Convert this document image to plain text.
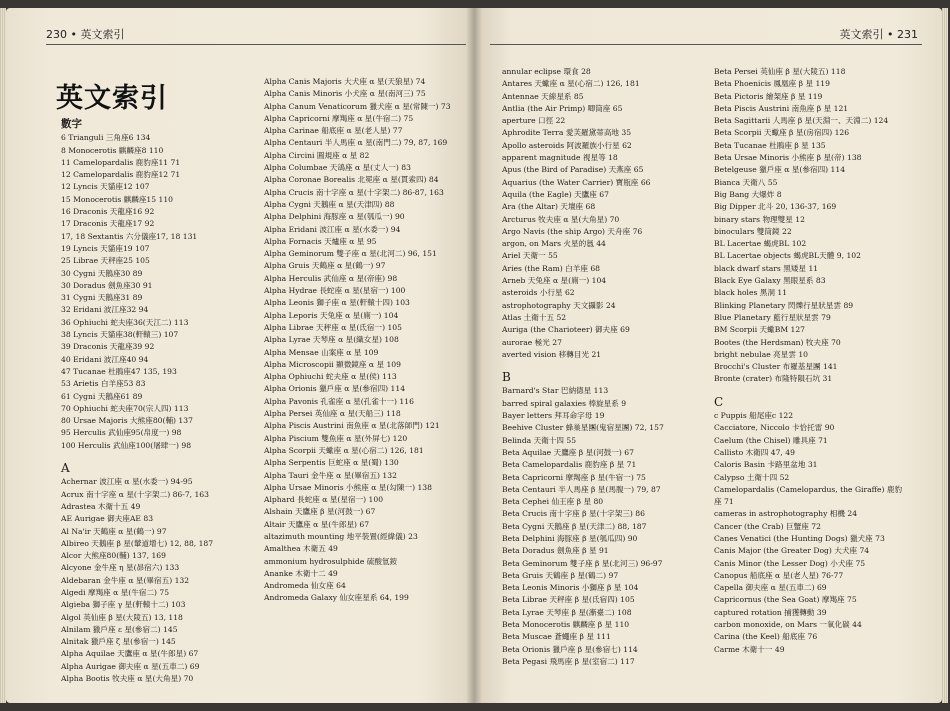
230 • 英文索引
英文索引
數字
6 Trianguli 三角座6 134
8 Monocerotis 麒麟座8 110
11 Camelopardalis 鹿豹座11 71
12 Camelopardalis 鹿豹座12 71
12 Lyncis 天貓座12 107
15 Monocerotis 麒麟座15 110
16 Draconis 天龍座16 92
17 Draconis 天龍座17 92
17, 18 Sextantis 六分儀座17, 18 131
19 Lyncis 天貓座19 107
25 Librae 天秤座25 105
30 Cygni 天鵝座30 89
30 Doradus 劍魚座30 91
31 Cygni 天鵝座31 89
32 Eridani 波江座32 94
36 Ophiuchi 蛇夫座36(天江二) 113
38 Lyncis 天貓座38(軒轅三) 107
39 Draconis 天龍座39 92
40 Eridani 波江座40 94
47 Tucanae 杜鵑座47 135, 193
53 Arietis 白羊座53 83
61 Cygni 天鵝座61 89
70 Ophiuchi 蛇夫座70(宗人四) 113
80 Ursae Majoris 大熊座80(輔) 137
95 Herculis 武仙座95(帛度一) 98
100 Herculis 武仙座100(屠肆一) 98
A
Achernar 波江座 α 星(水委一) 94-95
Acrux 南十字座 α 星(十字架二) 86-7, 163
Adrastea 木衛十五 49
AE Aurigae 御夫座AE 83
Al Na'ir 天鶴座 α 星(鶴一) 97
Albireo 天鵝座 β 星(輦道增七) 12, 88, 187
Alcor 大熊座80(輔) 137, 169
Alcyone 金牛座 η 星(昴宿六) 133
Aldebaran 金牛座 α 星(畢宿五) 132
Algedi 摩羯座 α 星(牛宿二) 75
Algieba 獅子座 γ 星(軒轅十二) 103
Algol 英仙座 β 星(大陵五) 13, 118
Alnilam 獵戶座 ε 星(參宿二) 145
Alnitak 獵戶座 ζ 星(參宿一) 145
Alpha Aquilae 天鷹座 α 星(牛郎星) 67
Alpha Aurigae 御夫座 α 星(五車二) 69
Alpha Bootis 牧夫座 α 星(大角星) 70
Alpha Canis Majoris 大犬座 α 星(天狼星) 74
Alpha Canis Minoris 小犬座 α 星(南河三) 75
Alpha Canum Venaticorum 獵犬座 α 星(常陳一) 73
Alpha Capricorni 摩羯座 α 星(牛宿二) 75
Alpha Carinae 船底座 α 星(老人星) 77
Alpha Centauri 半人馬座 α 星(南門二) 79, 87, 169
Alpha Circini 圓規座 α 星 82
Alpha Columbae 天鴿座 α 星(丈人一) 83
Alpha Coronae Borealis 北冕座 α 星(貫索四) 84
Alpha Crucis 南十字座 α 星(十字架二) 86-87, 163
Alpha Cygni 天鵝座 α 星(天津四) 88
Alpha Delphini 海豚座 α 星(瓠瓜一) 90
Alpha Eridani 波江座 α 星(水委一) 94
Alpha Fornacis 天爐座 α 星 95
Alpha Geminorum 雙子座 α 星(北河二) 96, 151
Alpha Gruis 天鶴座 α 星(鶴一) 97
Alpha Herculis 武仙座 α 星(帝座) 98
Alpha Hydrae 長蛇座 α 星(星宿一) 100
Alpha Leonis 獅子座 α 星(軒轅十四) 103
Alpha Leporis 天兔座 α 星(廁一) 104
Alpha Librae 天秤座 α 星(氐宿一) 105
Alpha Lyrae 天琴座 α 星(織女星) 108
Alpha Mensae 山案座 α 星 109
Alpha Microscopii 顯微鏡座 α 星 109
Alpha Ophiuchi 蛇夫座 α 星(侯) 113
Alpha Orionis 獵戶座 α 星(參宿四) 114
Alpha Pavonis 孔雀座 α 星(孔雀十一) 116
Alpha Persei 英仙座 α 星(天船三) 118
Alpha Piscis Austrini 南魚座 α 星(北落師門) 121
Alpha Piscium 雙魚座 α 星(外屏七) 120
Alpha Scorpii 天蠍座 α 星(心宿二) 126, 181
Alpha Serpentis 巨蛇座 α 星(蜀) 130
Alpha Tauri 金牛座 α 星(畢宿五) 132
Alpha Ursae Minoris 小熊座 α 星(勾陳一) 138
Alphard 長蛇座 α 星(星宿一) 100
Alshain 天鷹座 β 星(河鼓一) 67
Altair 天鷹座 α 星(牛郎星) 67
altazimuth mounting 地平裝置(經緯儀) 23
Amalthea 木衛五 49
ammonium hydrosulphide 硫酸氫銨
Ananke 木衛十二 49
Andromeda 仙女座 64
Andromeda Galaxy 仙女座星系 64, 199
英文索引 • 231
annular eclipse 環食 28
Antares 天蠍座 α 星(心宿二) 126, 181
Antennae 天線星系 85
Antlia (the Air Primp) 唧筒座 65
aperture 口徑 22
Aphrodite Terra 愛芙羅黛蒂高地 35
Apollo asteroids 阿波羅族小行星 62
apparent magnitude 視星等 18
Apus (the Bird of Paradise) 天燕座 65
Aquarius (the Water Carrier) 寶瓶座 66
Aquila (the Eagle) 天鷹座 67
Ara (the Altar) 天壇座 68
Arcturus 牧夫座 α 星(大角星) 70
Argo Navis (the ship Argo) 天舟座 76
argon, on Mars 火星的氬 44
Ariel 天衛一 55
Aries (the Ram) 白羊座 68
Arneb 天兔座 α 星(廁一) 104
asteroids 小行星 62
astrophotography 天文攝影 24
Atlas 土衛十五 52
Auriga (the Charioteer) 御夫座 69
aurorae 極光 27
averted vision 移轉目光 21
B
Barnard's Star 巴納德星 113
barred spiral galaxies 棒旋星系 9
Bayer letters 拜耳命字母 19
Beehive Cluster 蜂巢星團(鬼宿星團) 72, 157
Belinda 天衛十四 55
Beta Aquilae 天鷹座 β 星(河鼓一) 67
Beta Camelopardalis 鹿豹座 β 星 71
Beta Capricorni 摩羯座 β 星(牛宿一) 75
Beta Centauri 半人馬座 β 星(馬腹一) 79, 87
Beta Cephei 仙王座 β 星 80
Beta Crucis 南十字座 β 星(十字架三) 86
Beta Cygni 天鵝座 β 星(天津二) 88, 187
Beta Delphini 海豚座 β 星(瓠瓜四) 90
Beta Doradus 劍魚座 β 星 91
Beta Geminorum 雙子座 β 星(北河三) 96-97
Beta Gruis 天鶴座 β 星(鶴二) 97
Beta Leonis Minoris 小獅座 β 星 104
Beta Librae 天秤座 β 星(氐宿四) 105
Beta Lyrae 天琴座 β 星(漸臺二) 108
Beta Monocerotis 麒麟座 β 星 110
Beta Muscae 蒼蠅座 β 星 111
Beta Orionis 獵戶座 β 星(參宿七) 114
Beta Pegasi 飛馬座 β 星(室宿二) 117
Beta Persei 英仙座 β 星(大陵五) 118
Beta Phoenicis 鳳凰座 β 星 119
Beta Pictoris 繪架座 β 星 119
Beta Piscis Austrini 南魚座 β 星 121
Beta Sagittarii 人馬座 β 星(天淵一、天淵二) 124
Beta Scorpii 天蠍座 β 星(房宿四) 126
Beta Tucanae 杜鵑座 β 星 135
Beta Ursae Minoris 小熊座 β 星(帝) 138
Betelgeuse 獵戶座 α 星(參宿四) 114
Bianca 天衛八 55
Big Bang 大爆炸 8
Big Dipper 北斗 20, 136-37, 169
binary stars 物理雙星 12
binoculars 雙筒鏡 22
BL Lacertae 蝎虎BL 102
BL Lacertae objects 蝎虎BL天體 9, 102
black dwarf stars 黑矮星 11
Black Eye Galaxy 黑眼星系 83
black holes 黑洞 11
Blinking Planetary 閃爍行星狀星雲 89
Blue Planetary 藍行星狀星雲 79
BM Scorpii 天蠍BM 127
Bootes (the Herdsman) 牧夫座 70
bright nebulae 亮星雲 10
Brocchi's Cluster 布羅基星團 141
Bronte (crater) 布隆特隕石坑 31
C
c Puppis 船尾座c 122
Cacciatore, Niccolo 卡恰托雷 90
Caelum (the Chisel) 雕具座 71
Callisto 木衛四 47, 49
Caloris Basin 卡路里盆地 31
Calypso 土衛十四 52
Camelopardalis (Camelopardus, the Giraffe) 鹿豹座 71
cameras in astrophotography 相機 24
Cancer (the Crab) 巨蟹座 72
Canes Venatici (the Hunting Dogs) 獵犬座 73
Canis Major (the Greater Dog) 大犬座 74
Canis Minor (the Lesser Dog) 小犬座 75
Canopus 船底座 α 星(老人星) 76-77
Capella 御夫座 α 星(五車二) 69
Capricornus (the Sea Goat) 摩羯座 75
captured rotation 捕獲轉動 39
carbon monoxide, on Mars 一氧化碳 44
Carina (the Keel) 船底座 76
Carme 木衛十一 49
